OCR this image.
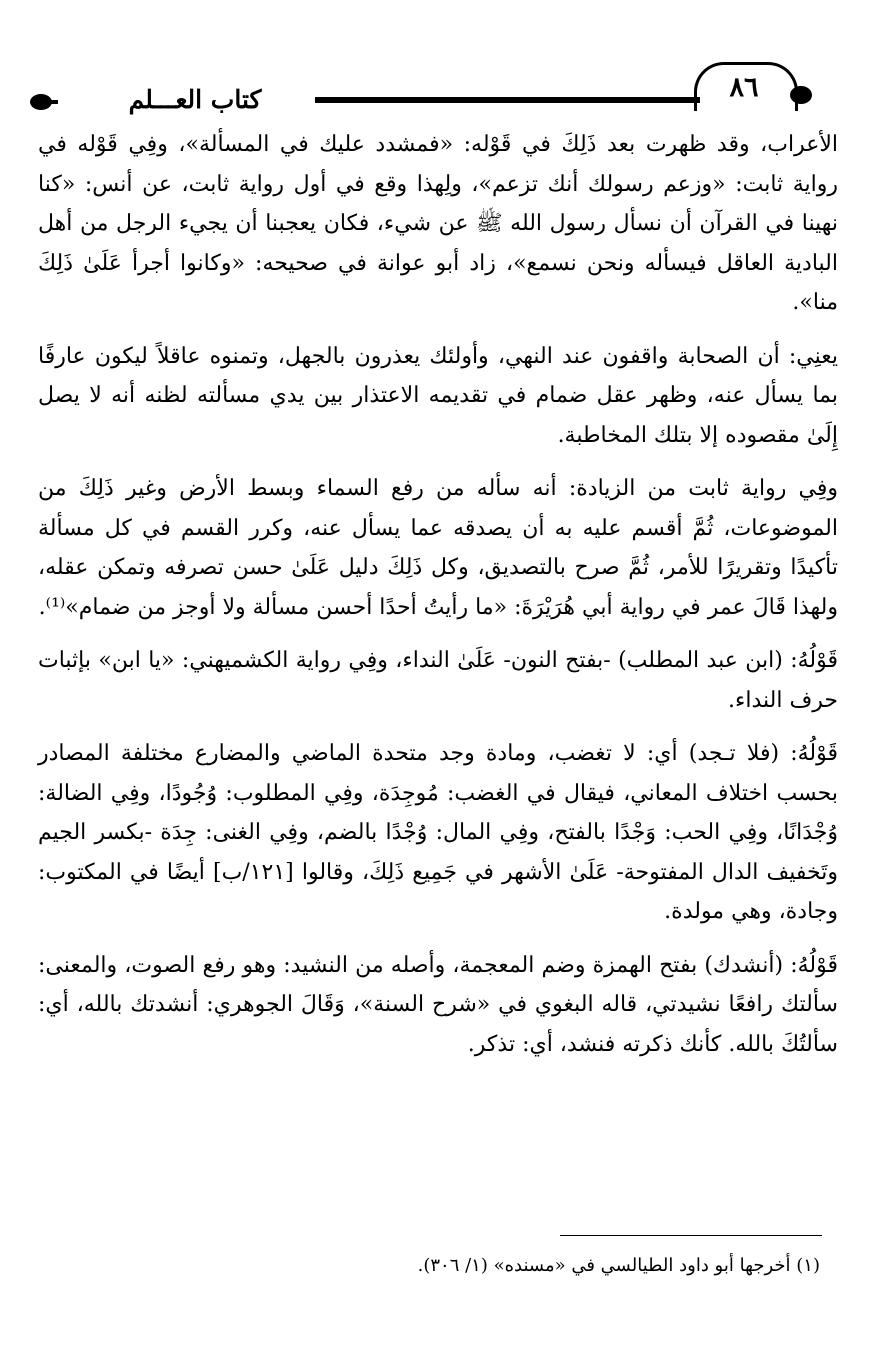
كتاب العـــلم	٨٦

الأعراب، وقد ظهرت بعد ذَلِكَ في قَوْله: «فمشدد عليك في المسألة»، وفِي قَوْله في رواية ثابت: «وزعم رسولك أنك تزعم»، ولِهذا وقع في أول رواية ثابت، عن أنس: «كنا نهينا في القرآن أن نسأل رسول الله ﷺ عن شيء، فكان يعجبنا أن يجيء الرجل من أهل البادية العاقل فيسأله ونحن نسمع»، زاد أبو عوانة في صحيحه: «وكانوا أجرأ عَلَىٰ ذَلِكَ منا».

يعنِي: أن الصحابة واقفون عند النهي، وأولئك يعذرون بالجهل، وتمنوه عاقلاً ليكون عارفًا بما يسأل عنه، وظهر عقل ضمام في تقديمه الاعتذار بين يدي مسألته لظنه أنه لا يصل إِلَىٰ مقصوده إلا بتلك المخاطبة.

وفِي رواية ثابت من الزيادة: أنه سأله من رفع السماء وبسط الأرض وغير ذَلِكَ من الموضوعات، ثُمَّ أقسم عليه به أن يصدقه عما يسأل عنه، وكرر القسم في كل مسألة تأكيدًا وتقريرًا للأمر، ثُمَّ صرح بالتصديق، وكل ذَلِكَ دليل عَلَىٰ حسن تصرفه وتمكن عقله، ولهذا قَالَ عمر في رواية أبي هُرَيْرَةَ: «ما رأيتُ أحدًا أحسن مسألة ولا أوجز من ضمام»⁽¹⁾.

قَوْلُهُ: (ابن عبد المطلب) -بفتح النون- عَلَىٰ النداء، وفِي رواية الكشميهني: «يا ابن» بإثبات حرف النداء.

قَوْلُهُ: (فلا تـجد) أي: لا تغضب، ومادة وجد متحدة الماضي والمضارع مختلفة المصادر بحسب اختلاف المعاني، فيقال في الغضب: مُوجِدَة، وفِي المطلوب: وُجُودًا، وفِي الضالة: وُجْدَانًا، وفِي الحب: وَجْدًا بالفتح، وفِي المال: وُجْدًا بالضم، وفِي الغنى: جِدَة -بكسر الجيم وتَخفيف الدال المفتوحة- عَلَىٰ الأشهر في جَمِيع ذَلِكَ، وقالوا [١٢١/ب] أيضًا في المكتوب: وجادة، وهي مولدة.

قَوْلُهُ: (أنشدك) بفتح الهمزة وضم المعجمة، وأصله من النشيد: وهو رفع الصوت، والمعنى: سألتك رافعًا نشيدتي، قاله البغوي في «شرح السنة»، وَقَالَ الجوهري: أنشدتك بالله، أي: سألتُكَ بالله. كأنك ذكرته فنشد، أي: تذكر.

(١) أخرجها أبو داود الطيالسي في «مسنده» (١/ ٣٠٦).
